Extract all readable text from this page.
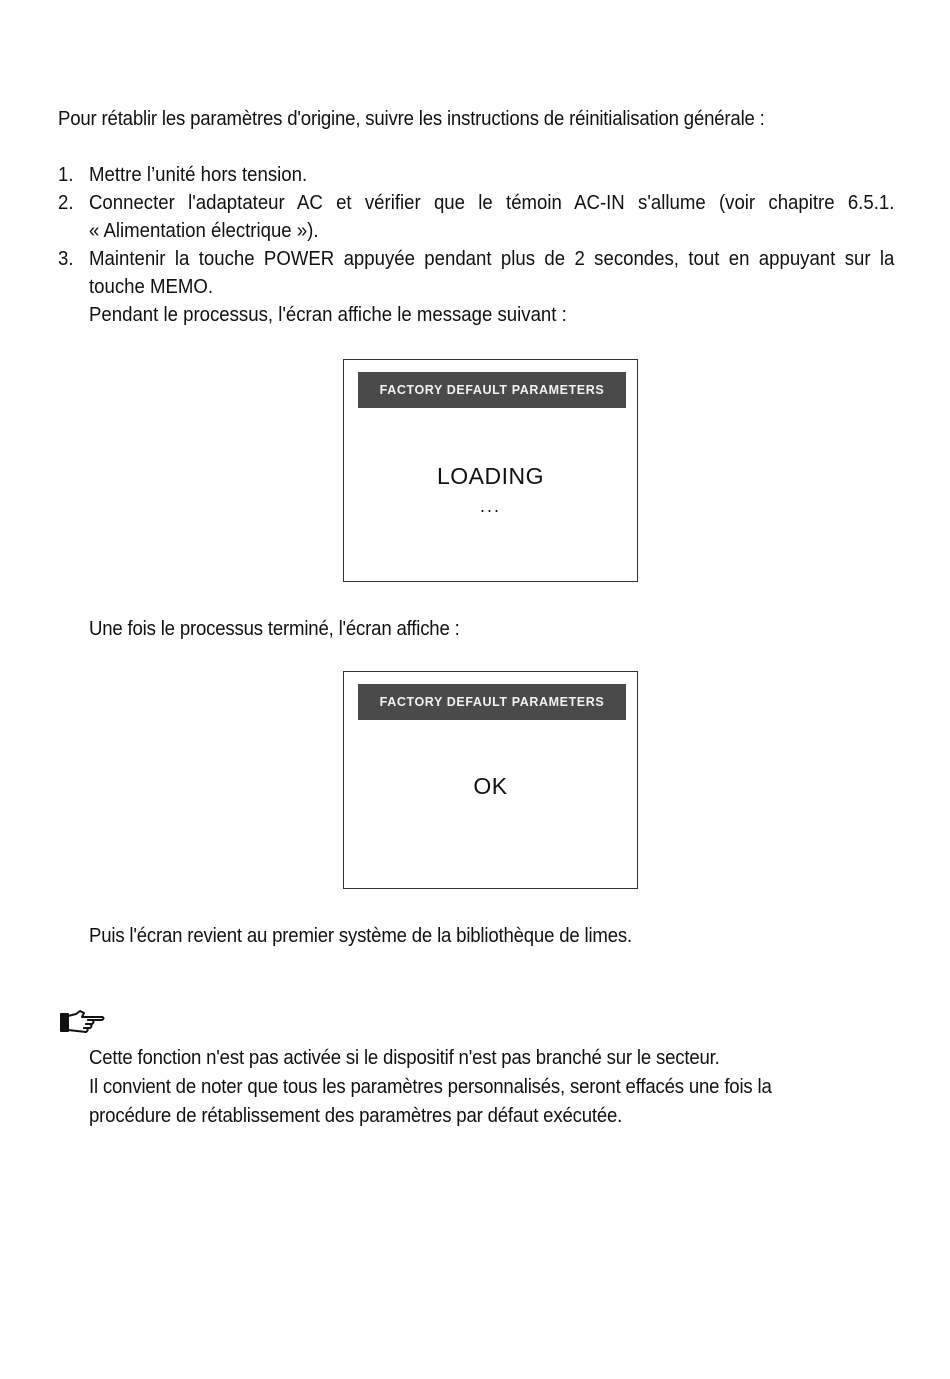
Pour rétablir les paramètres d'origine, suivre les instructions de réinitialisation générale :
1. Mettre l’unité hors tension.
2. Connecter l'adaptateur AC et vérifier que le témoin AC-IN s'allume (voir chapitre 6.5.1.
« Alimentation électrique »).
3. Maintenir la touche POWER appuyée pendant plus de 2 secondes, tout en appuyant sur la
touche MEMO.
Pendant le processus, l'écran affiche le message suivant :
FACTORY DEFAULT PARAMETERS
LOADING
...
Une fois le processus terminé, l'écran affiche :
FACTORY DEFAULT PARAMETERS
OK
Puis l'écran revient au premier système de la bibliothèque de limes.
Cette fonction n'est pas activée si le dispositif n'est pas branché sur le secteur.
Il convient de noter que tous les paramètres personnalisés, seront effacés une fois la
procédure de rétablissement des paramètres par défaut exécutée.
